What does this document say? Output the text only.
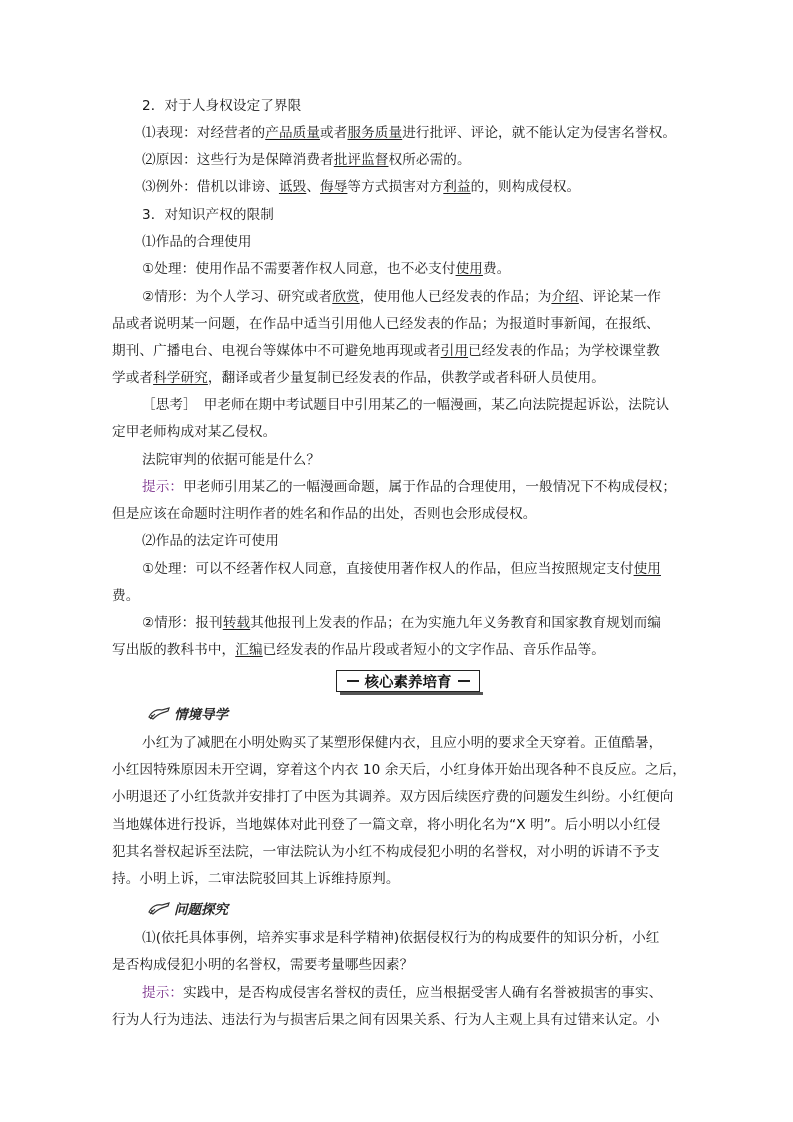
2．对于人身权设定了界限

⑴表现：对经营者的产品质量或者服务质量进行批评、评论，就不能认定为侵害名誉权。

⑵原因：这些行为是保障消费者批评监督权所必需的。

⑶例外：借机以诽谤、诋毁、侮辱等方式损害对方利益的，则构成侵权。

3．对知识产权的限制

⑴作品的合理使用

①处理：使用作品不需要著作权人同意，也不必支付使用费。

②情形：为个人学习、研究或者欣赏，使用他人已经发表的作品；为介绍、评论某一作

品或者说明某一问题，在作品中适当引用他人已经发表的作品；为报道时事新闻，在报纸、

期刊、广播电台、电视台等媒体中不可避免地再现或者引用已经发表的作品；为学校课堂教

学或者科学研究，翻译或者少量复制已经发表的作品，供教学或者科研人员使用。

［思考］　甲老师在期中考试题目中引用某乙的一幅漫画，某乙向法院提起诉讼，法院认

定甲老师构成对某乙侵权。

法院审判的依据可能是什么？

提示：甲老师引用某乙的一幅漫画命题，属于作品的合理使用，一般情况下不构成侵权；

但是应该在命题时注明作者的姓名和作品的出处，否则也会形成侵权。

⑵作品的法定许可使用

①处理：可以不经著作权人同意，直接使用著作权人的作品，但应当按照规定支付使用

费。

②情形：报刊转载其他报刊上发表的作品；在为实施九年义务教育和国家教育规划而编

写出版的教科书中，汇编已经发表的作品片段或者短小的文字作品、音乐作品等。

核心素养培育
情境导学

小红为了减肥在小明处购买了某塑形保健内衣，且应小明的要求全天穿着。正值酷暑，

小红因特殊原因未开空调，穿着这个内衣 10 余天后，小红身体开始出现各种不良反应。之后，

小明退还了小红货款并安排打了中医为其调养。双方因后续医疗费的问题发生纠纷。小红便向

当地媒体进行投诉，当地媒体对此刊登了一篇文章，将小明化名为“X 明”。后小明以小红侵

犯其名誉权起诉至法院，一审法院认为小红不构成侵犯小明的名誉权，对小明的诉请不予支

持。小明上诉，二审法院驳回其上诉维持原判。

问题探究

⑴(依托具体事例，培养实事求是科学精神)依据侵权行为的构成要件的知识分析，小红

是否构成侵犯小明的名誉权，需要考量哪些因素？

提示：实践中，是否构成侵害名誉权的责任，应当根据受害人确有名誉被损害的事实、

行为人行为违法、违法行为与损害后果之间有因果关系、行为人主观上具有过错来认定。小
